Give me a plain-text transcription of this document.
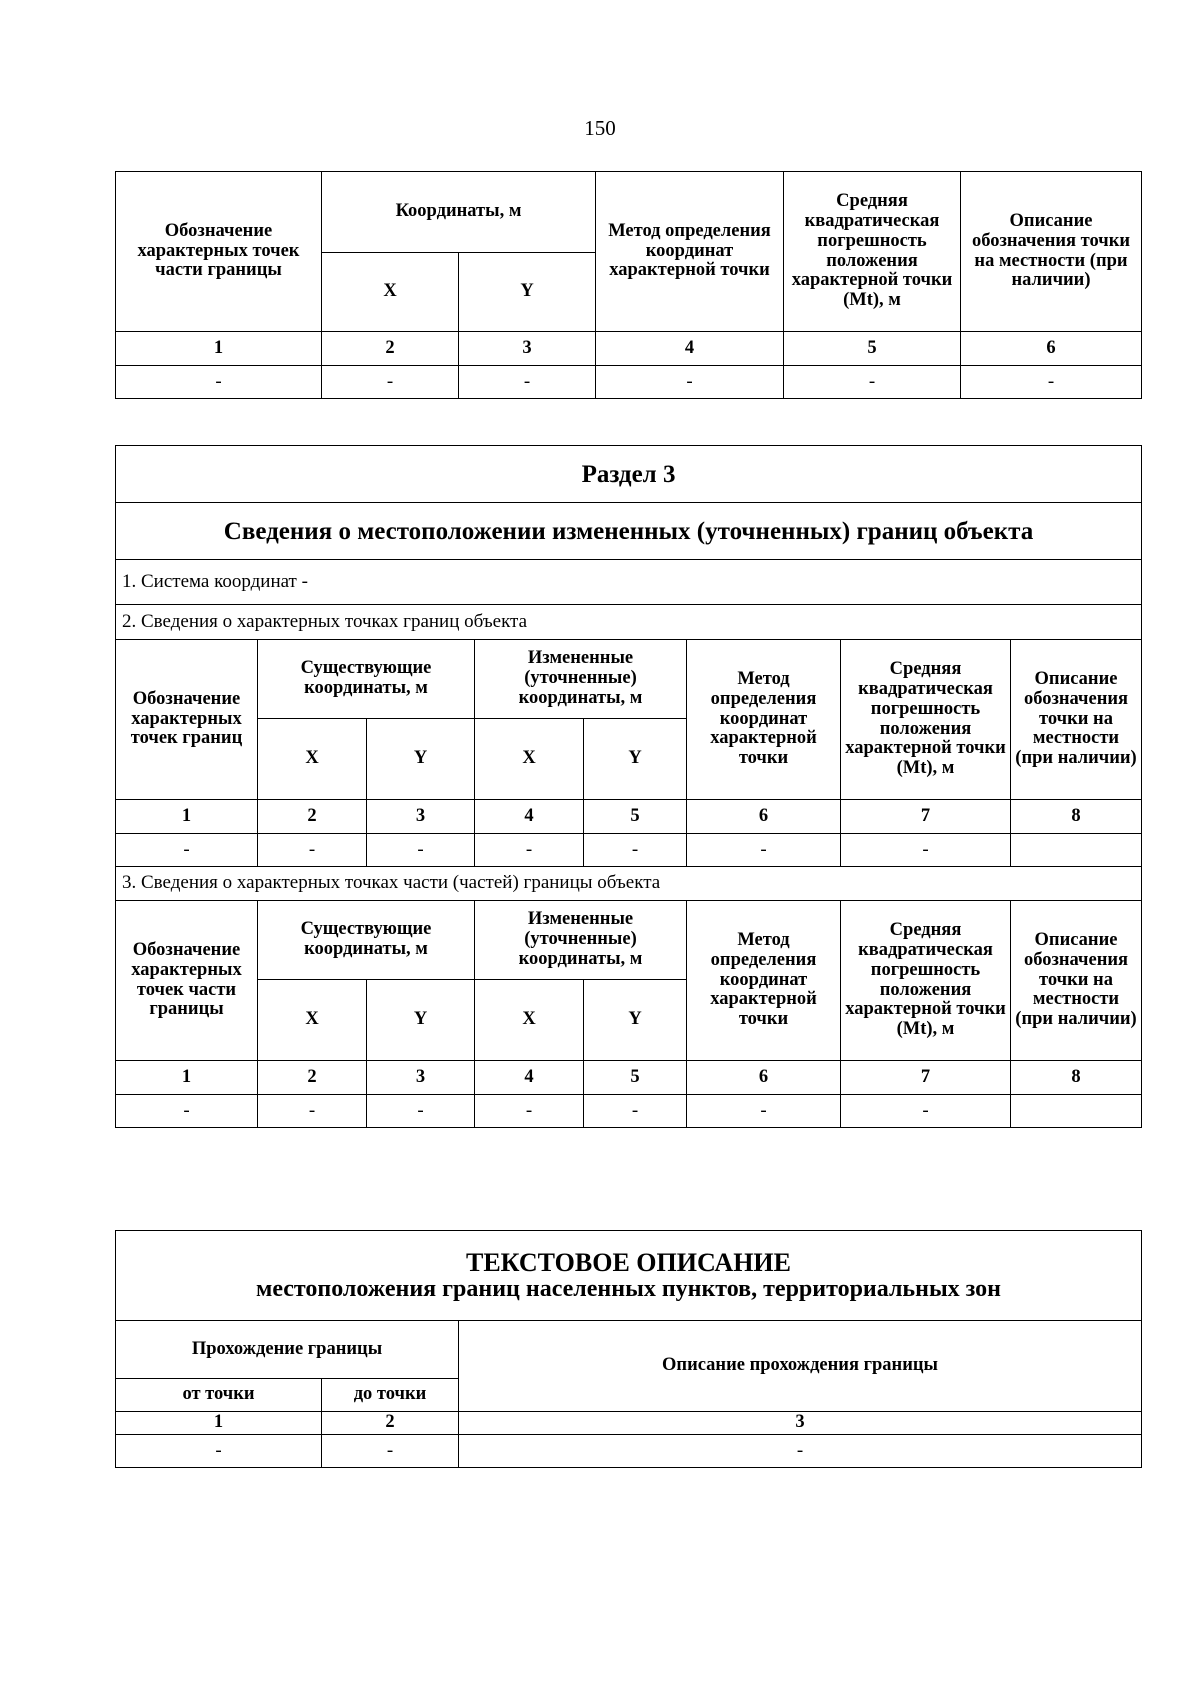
150
Обозначение характерных точек части границы	Координаты, м		Метод определения координат характерной точки	Средняя квадратическая погрешность положения характерной точки (Mt), м	Описание обозначения точки на местности (при наличии)
	X	Y			
1	2	3	4	5	6
-	-	-	-	-	-
Раздел 3							
Сведения о местоположении измененных (уточненных) границ объекта							
1. Система координат -							
2. Сведения о характерных точках границ объекта							
Обозначение характерных точек границ	Существующие координаты, м		Измененные (уточненные) координаты, м		Метод определения координат характерной точки	Средняя квадратическая погрешность положения характерной точки (Mt), м	Описание обозначения точки на местности (при наличии)
	X	Y	X	Y			
1	2	3	4	5	6	7	8
-	-	-	-	-	-	-	
3. Сведения о характерных точках части (частей) границы объекта							
Обозначение характерных точек части границы	Существующие координаты, м		Измененные (уточненные) координаты, м		Метод определения координат характерной точки	Средняя квадратическая погрешность положения характерной точки (Mt), м	Описание обозначения точки на местности (при наличии)
	X	Y	X	Y			
1	2	3	4	5	6	7	8
-	-	-	-	-	-	-	
ТЕКСТОВОЕ ОПИСАНИЕ
местоположения границ населенных пунктов, территориальных зон		

Прохождение границы		Описание прохождения границы
от точки	до точки	
1	2	3
-	-	-
